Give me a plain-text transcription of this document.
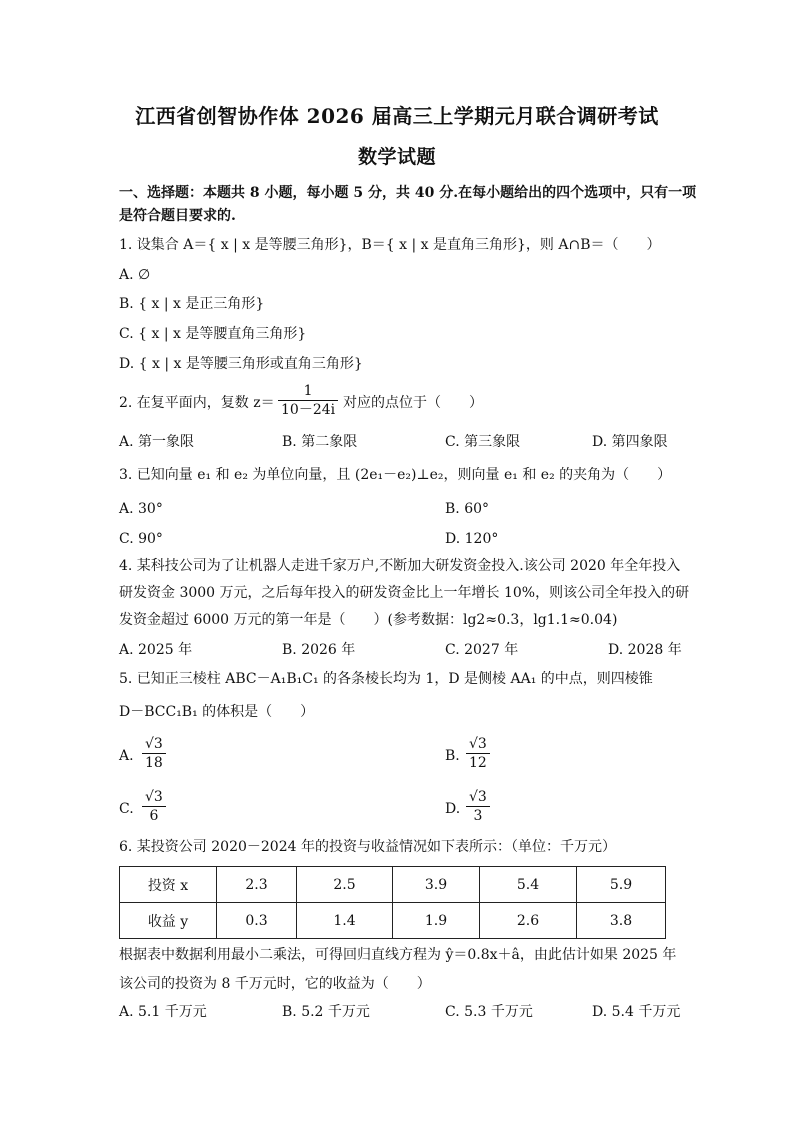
江西省创智协作体 2026 届高三上学期元月联合调研考试
数学试题
一、选择题：本题共 8 小题，每小题 5 分，共 40 分.在每小题给出的四个选项中，只有一项
是符合题目要求的.
1. 设集合 A＝{ x | x 是等腰三角形}，B＝{ x | x 是直角三角形}，则 A∩B＝（　　）
A. ∅
B. { x | x 是正三角形}
C. { x | x 是等腰直角三角形}
D. { x | x 是等腰三角形或直角三角形}
2. 在复平面内，复数 z＝
1
10－24i 对应的点位于（　　）
A. 第一象限	B. 第二象限	C. 第三象限	D. 第四象限
3. 已知向量 e₁ 和 e₂ 为单位向量，且 (2e₁－e₂)⊥e₂，则向量 e₁ 和 e₂ 的夹角为（　　）
A. 30°	B. 60°
C. 90°	D. 120°
4. 某科技公司为了让机器人走进千家万户,不断加大研发资金投入.该公司 2020 年全年投入
研发资金 3000 万元，之后每年投入的研发资金比上一年增长 10%，则该公司全年投入的研
发资金超过 6000 万元的第一年是（　　）(参考数据：lg2≈0.3，lg1.1≈0.04)
A. 2025 年	B. 2026 年	C. 2027 年	D. 2028 年
5. 已知正三棱柱 ABC－A₁B₁C₁ 的各条棱长均为 1，D 是侧棱 AA₁ 的中点，则四棱锥
D－BCC₁B₁ 的体积是（　　）
A.
√3
18	B.
√3
12
C.
√3
6	D.
√3
3
6. 某投资公司 2020－2024 年的投资与收益情况如下表所示：（单位：千万元）
投资 x	2.3	2.5	3.9	5.4	5.9
收益 y	0.3	1.4	1.9	2.6	3.8
根据表中数据利用最小二乘法，可得回归直线方程为 ŷ＝0.8x＋â，由此估计如果 2025 年
该公司的投资为 8 千万元时，它的收益为（　　）
A. 5.1 千万元	B. 5.2 千万元	C. 5.3 千万元	D. 5.4 千万元
